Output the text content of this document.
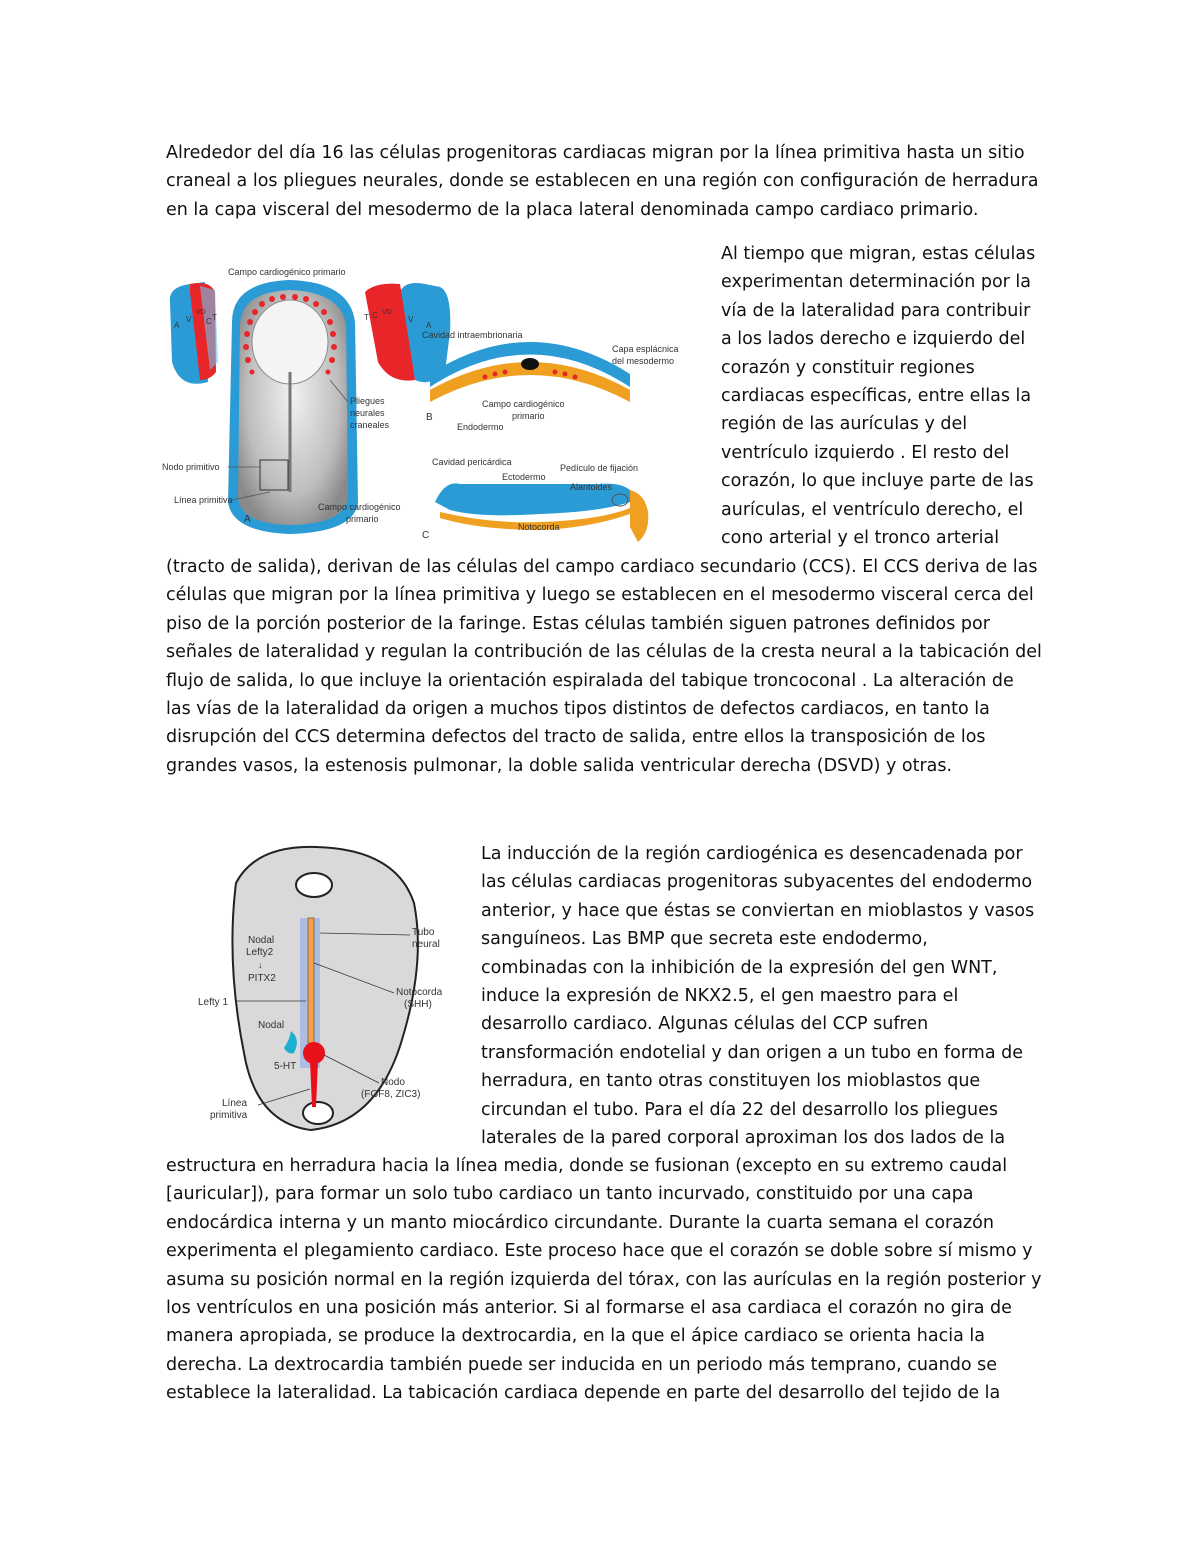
Alrededor del día 16 las células progenitoras cardiacas migran por la línea primitiva hasta un sitio
craneal a los pliegues neurales, donde se establecen en una región con configuración de herradura
en la capa visceral del mesodermo de la placa lateral denominada campo cardiaco primario.
Al tiempo que migran, estas células
experimentan determinación por la
vía de la lateralidad para contribuir
a los lados derecho e izquierdo del
corazón y constituir regiones
cardiacas específicas, entre ellas la
región de las aurículas y del
ventrículo izquierdo . El resto del
corazón, lo que incluye parte de las
aurículas, el ventrículo derecho, el
cono arterial y el tronco arterial
(tracto de salida), derivan de las células del campo cardiaco secundario (CCS). El CCS deriva de las
células que migran por la línea primitiva y luego se establecen en el mesodermo visceral cerca del
piso de la porción posterior de la faringe. Estas células también siguen patrones definidos por
señales de lateralidad y regulan la contribución de las células de la cresta neural a la tabicación del
flujo de salida, lo que incluye la orientación espiralada del tabique troncoconal . La alteración de
las vías de la lateralidad da origen a muchos tipos distintos de defectos cardiacos, en tanto la
disrupción del CCS determina defectos del tracto de salida, entre ellos la transposición de los
grandes vasos, la estenosis pulmonar, la doble salida ventricular derecha (DSVD) y otras.
La inducción de la región cardiogénica es desencadenada por
las células cardiacas progenitoras subyacentes del endodermo
anterior, y hace que éstas se conviertan en mioblastos y vasos
sanguíneos. Las BMP que secreta este endodermo,
combinadas con la inhibición de la expresión del gen WNT,
induce la expresión de NKX2.5, el gen maestro para el
desarrollo cardiaco. Algunas células del CCP sufren
transformación endotelial y dan origen a un tubo en forma de
herradura, en tanto otras constituyen los mioblastos que
circundan el tubo. Para el día 22 del desarrollo los pliegues
laterales de la pared corporal aproximan los dos lados de la
estructura en herradura hacia la línea media, donde se fusionan (excepto en su extremo caudal
[auricular]), para formar un solo tubo cardiaco un tanto incurvado, constituido por una capa
endocárdica interna y un manto miocárdico circundante. Durante la cuarta semana el corazón
experimenta el plegamiento cardiaco. Este proceso hace que el corazón se doble sobre sí mismo y
asuma su posición normal en la región izquierda del tórax, con las aurículas en la región posterior y
los ventrículos en una posición más anterior. Si al formarse el asa cardiaca el corazón no gira de
manera apropiada, se produce la dextrocardia, en la que el ápice cardiaco se orienta hacia la
derecha. La dextrocardia también puede ser inducida en un periodo más temprano, cuando se
establece la lateralidad. La tabicación cardiaca depende en parte del desarrollo del tejido de la
A
V
VD
C T	T C VD
V
A
Campo cardiogénico primario
Pliegues
neurales
craneales
Nodo primitivo
Línea primitiva
A
Cavidad intraembrionaria
Capa esplácnica
del mesodermo
Campo cardiogénico
primario
Endodermo
B
Cavidad pericárdica
Pedículo de fijación
Ectodermo
Alantoides
Campo cardiogénico
primario
Notocorda
C
Tubo
neural
Nodal
Lefty2
↓
PITX2
Notocorda
(SHH)
Lefty 1
Nodal
5-HT
Nodo
(FGF8, ZIC3)
Línea
primitiva
